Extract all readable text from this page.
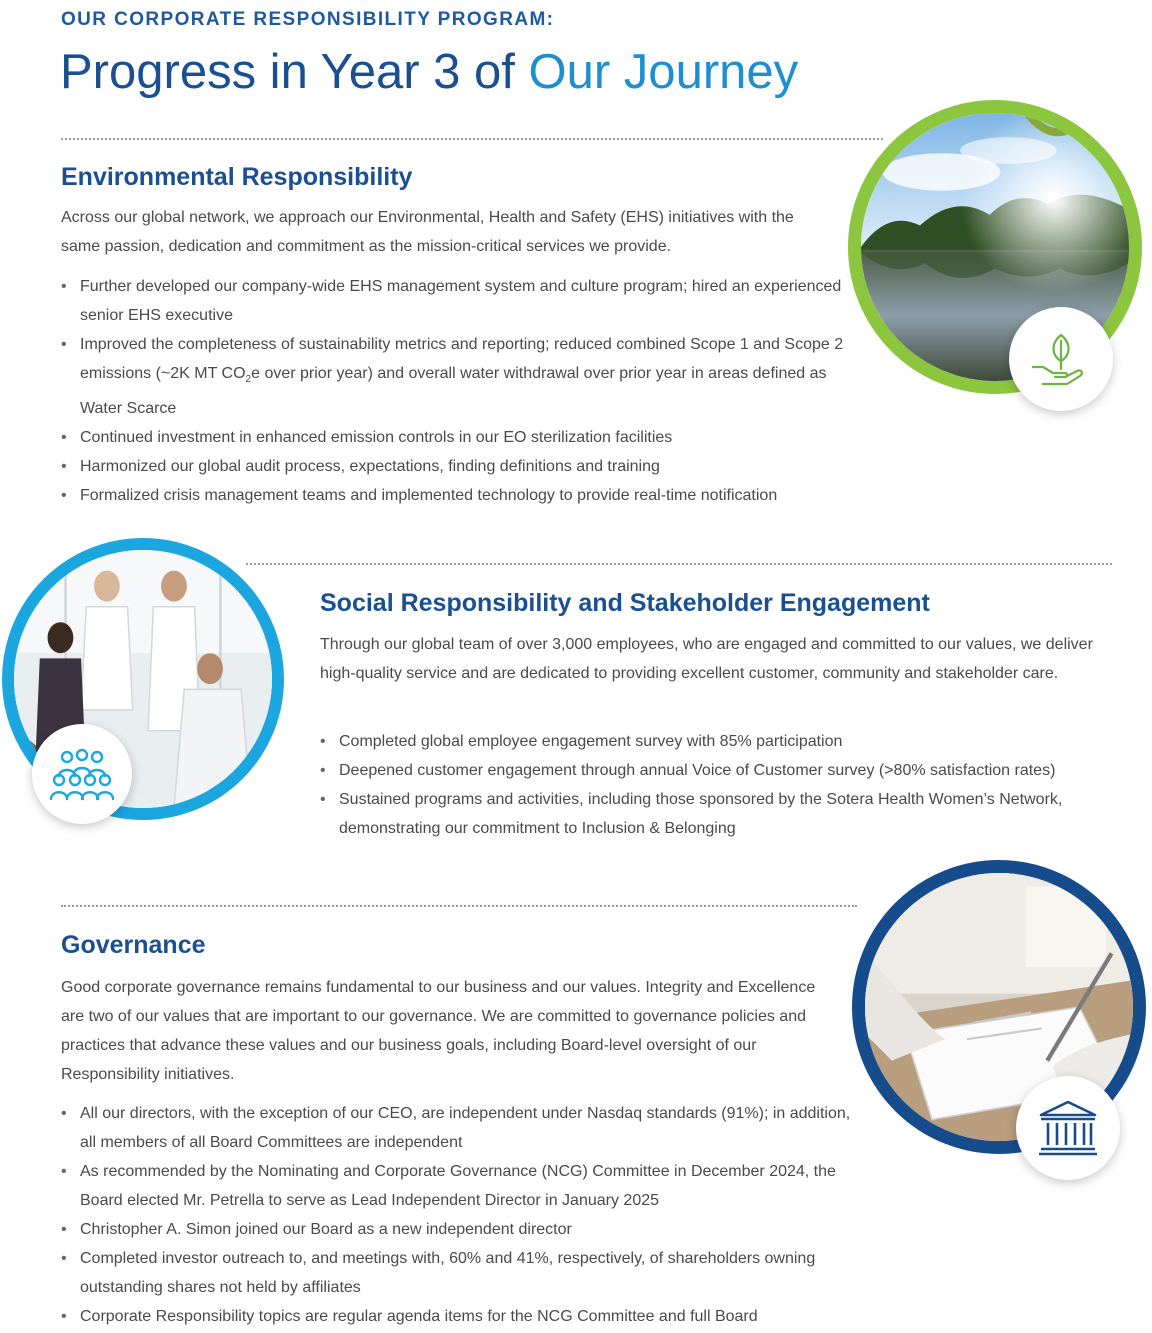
OUR CORPORATE RESPONSIBILITY PROGRAM:
Progress in Year 3 of Our Journey
Environmental Responsibility

Across our global network, we approach our Environmental, Health and Safety (EHS) initiatives with the same passion, dedication and commitment as the mission-critical services we provide.

• Further developed our company-wide EHS management system and culture program; hired an experienced senior EHS executive
• Improved the completeness of sustainability metrics and reporting; reduced combined Scope 1 and Scope 2 emissions (~2K MT $CO_2e$ over prior year) and overall water withdrawal over prior year in areas defined as Water Scarce
• Continued investment in enhanced emission controls in our EO sterilization facilities
• Harmonized our global audit process, expectations, finding definitions and training
• Formalized crisis management teams and implemented technology to provide real-time notification
Social Responsibility and Stakeholder Engagement

Through our global team of over 3,000 employees, who are engaged and committed to our values, we deliver high-quality service and are dedicated to providing excellent customer, community and stakeholder care.

• Completed global employee engagement survey with 85% participation
• Deepened customer engagement through annual Voice of Customer survey (>80% satisfaction rates)
• Sustained programs and activities, including those sponsored by the Sotera Health Women’s Network, demonstrating our commitment to Inclusion & Belonging
Governance

Good corporate governance remains fundamental to our business and our values. Integrity and Excellence are two of our values that are important to our governance. We are committed to governance policies and practices that advance these values and our business goals, including Board-level oversight of our Responsibility initiatives.

• All our directors, with the exception of our CEO, are independent under Nasdaq standards (91%); in addition, all members of all Board Committees are independent
• As recommended by the Nominating and Corporate Governance (NCG) Committee in December 2024, the Board elected Mr. Petrella to serve as Lead Independent Director in January 2025
• Christopher A. Simon joined our Board as a new independent director
• Completed investor outreach to, and meetings with, 60% and 41%, respectively, of shareholders owning outstanding shares not held by affiliates
• Corporate Responsibility topics are regular agenda items for the NCG Committee and full Board
